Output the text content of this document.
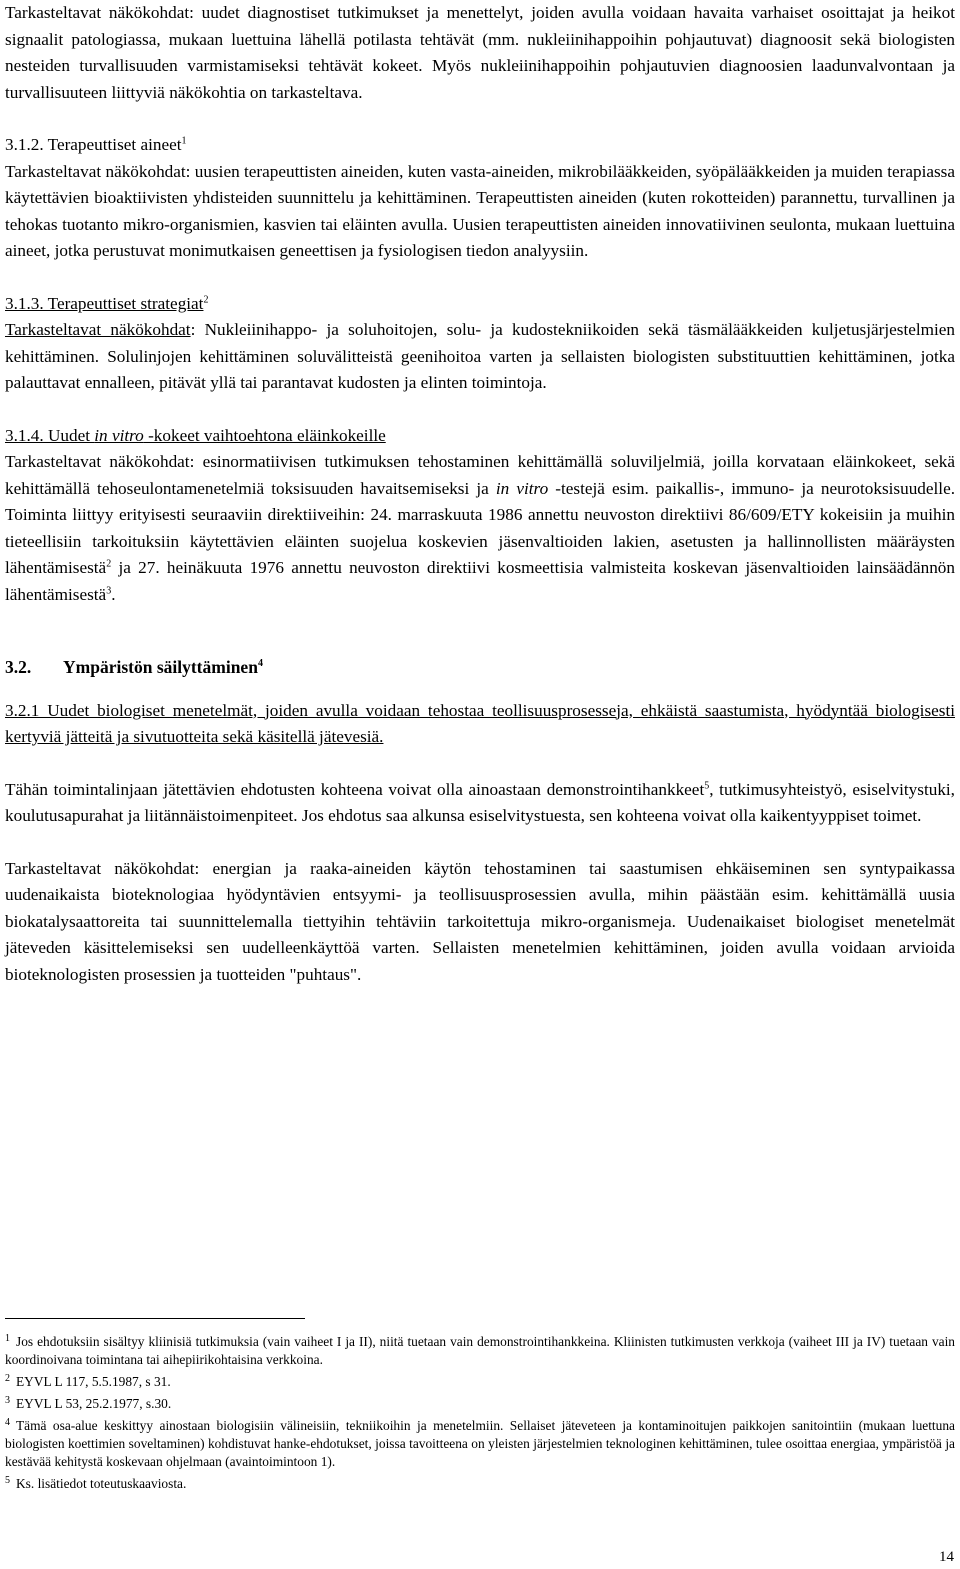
Tarkasteltavat näkökohdat: uudet diagnostiset tutkimukset ja menettelyt, joiden avulla voidaan havaita varhaiset osoittajat ja heikot signaalit patologiassa, mukaan luettuina lähellä potilasta tehtävät (mm. nukleiinihappoihin pohjautuvat) diagnoosit sekä biologisten nesteiden turvallisuuden varmistamiseksi tehtävät kokeet. Myös nukleiinihappoihin pohjautuvien diagnoosien laadunvalvontaan ja turvallisuuteen liittyviä näkökohtia on tarkasteltava.

3.1.2. Terapeuttiset aineet$^1$

Tarkasteltavat näkökohdat: uusien terapeuttisten aineiden, kuten vasta-aineiden, mikrobilääkkeiden, syöpälääkkeiden ja muiden terapiassa käytettävien bioaktiivisten yhdisteiden suunnittelu ja kehittäminen. Terapeuttisten aineiden (kuten rokotteiden) parannettu, turvallinen ja tehokas tuotanto mikro-organismien, kasvien tai eläinten avulla. Uusien terapeuttisten aineiden innovatiivinen seulonta, mukaan luettuina aineet, jotka perustuvat monimutkaisen geneettisen ja fysiologisen tiedon analyysiin.

3.1.3. Terapeuttiset strategiat$^2$

Tarkasteltavat näkökohdat: Nukleiinihappo- ja soluhoitojen, solu- ja kudostekniikoiden sekä täsmälääkkeiden kuljetusjärjestelmien kehittäminen. Solulinjojen kehittäminen soluvälitteistä geenihoitoa varten ja sellaisten biologisten substituuttien kehittäminen, jotka palauttavat ennalleen, pitävät yllä tai parantavat kudosten ja elinten toimintoja.

3.1.4. Uudet in vitro -kokeet vaihtoehtona eläinkokeille

Tarkasteltavat näkökohdat: esinormatiivisen tutkimuksen tehostaminen kehittämällä soluviljelmiä, joilla korvataan eläinkokeet, sekä kehittämällä tehoseulontamenetelmiä toksisuuden havaitsemiseksi ja in vitro -testejä esim. paikallis-, immuno- ja neurotoksisuudelle. Toiminta liittyy erityisesti seuraaviin direktiiveihin: 24. marraskuuta 1986 annettu neuvoston direktiivi 86/609/ETY kokeisiin ja muihin tieteellisiin tarkoituksiin käytettävien eläinten suojelua koskevien jäsenvaltioiden lakien, asetusten ja hallinnollisten määräysten lähentämisestä$^2$ ja 27. heinäkuuta 1976 annettu neuvoston direktiivi kosmeettisia valmisteita koskevan jäsenvaltioiden lainsäädännön lähentämisestä$^3$.

3.2. Ympäristön säilyttäminen$^4$

3.2.1 Uudet biologiset menetelmät, joiden avulla voidaan tehostaa teollisuusprosesseja, ehkäistä saastumista, hyödyntää biologisesti kertyviä jätteitä ja sivutuotteita sekä käsitellä jätevesiä.

Tähän toimintalinjaan jätettävien ehdotusten kohteena voivat olla ainoastaan demonstrointihankkeet$^5$, tutkimusyhteistyö, esiselvitystuki, koulutusapurahat ja liitännäistoimenpiteet. Jos ehdotus saa alkunsa esiselvitystuesta, sen kohteena voivat olla kaikentyyppiset toimet.

Tarkasteltavat näkökohdat: energian ja raaka-aineiden käytön tehostaminen tai saastumisen ehkäiseminen sen syntypaikassa uudenaikaista bioteknologiaa hyödyntävien entsyymi- ja teollisuusprosessien avulla, mihin päästään esim. kehittämällä uusia biokatalysaattoreita tai suunnittelemalla tiettyihin tehtäviin tarkoitettuja mikro-organismeja. Uudenaikaiset biologiset menetelmät jäteveden käsittelemiseksi sen uudelleenkäyttöä varten. Sellaisten menetelmien kehittäminen, joiden avulla voidaan arvioida bioteknologisten prosessien ja tuotteiden "puhtaus".

$^1$ Jos ehdotuksiin sisältyy kliinisiä tutkimuksia (vain vaiheet I ja II), niitä tuetaan vain demonstrointihankkeina. Kliinisten tutkimusten verkkoja (vaiheet III ja IV) tuetaan vain koordinoivana toimintana tai aihepiirikohtaisina verkkoina.

$^2$ EYVL L 117, 5.5.1987, s 31.

$^3$ EYVL L 53, 25.2.1977, s.30.

$^4$ Tämä osa-alue keskittyy ainostaan biologisiin välineisiin, tekniikoihin ja menetelmiin. Sellaiset jäteveteen ja kontaminoitujen paikkojen sanitointiin (mukaan luettuna biologisten koettimien soveltaminen) kohdistuvat hanke-ehdotukset, joissa tavoitteena on yleisten järjestelmien teknologinen kehittäminen, tulee osoittaa energiaa, ympäristöä ja kestävää kehitystä koskevaan ohjelmaan (avaintoimintoon 1).

$^5$ Ks. lisätiedot toteutuskaaviosta.

14
